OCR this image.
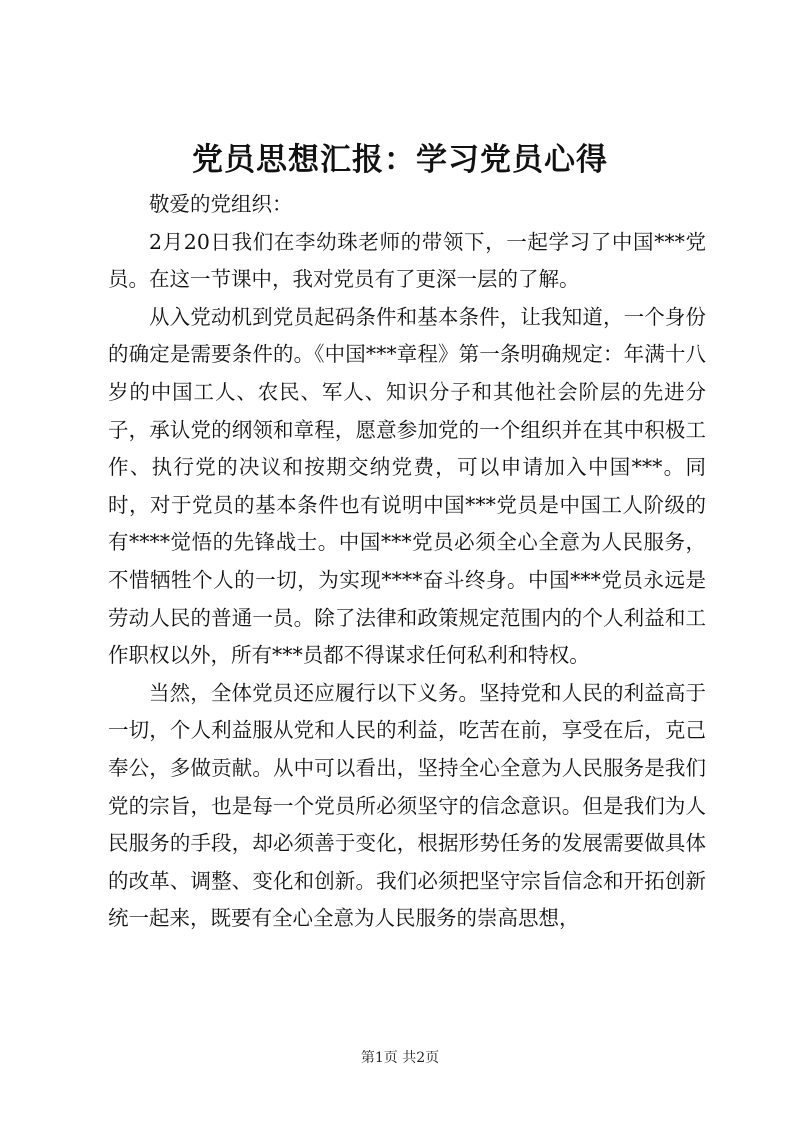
党员思想汇报：学习党员心得

敬爱的党组织：

2月20日我们在李幼珠老师的带领下，一起学习了中国***党员。在这一节课中，我对党员有了更深一层的了解。

从入党动机到党员起码条件和基本条件，让我知道，一个身份的确定是需要条件的。《中国***章程》第一条明确规定：年满十八岁的中国工人、农民、军人、知识分子和其他社会阶层的先进分子，承认党的纲领和章程，愿意参加党的一个组织并在其中积极工作、执行党的决议和按期交纳党费，可以申请加入中国***。同时，对于党员的基本条件也有说明中国***党员是中国工人阶级的有****觉悟的先锋战士。中国***党员必须全心全意为人民服务，不惜牺牲个人的一切，为实现****奋斗终身。中国***党员永远是劳动人民的普通一员。除了法律和政策规定范围内的个人利益和工作职权以外，所有***员都不得谋求任何私利和特权。

当然，全体党员还应履行以下义务。坚持党和人民的利益高于一切，个人利益服从党和人民的利益，吃苦在前，享受在后，克己奉公，多做贡献。从中可以看出，坚持全心全意为人民服务是我们党的宗旨，也是每一个党员所必须坚守的信念意识。但是我们为人民服务的手段，却必须善于变化，根据形势任务的发展需要做具体的改革、调整、变化和创新。我们必须把坚守宗旨信念和开拓创新统一起来，既要有全心全意为人民服务的崇高思想，

第1页 共2页
